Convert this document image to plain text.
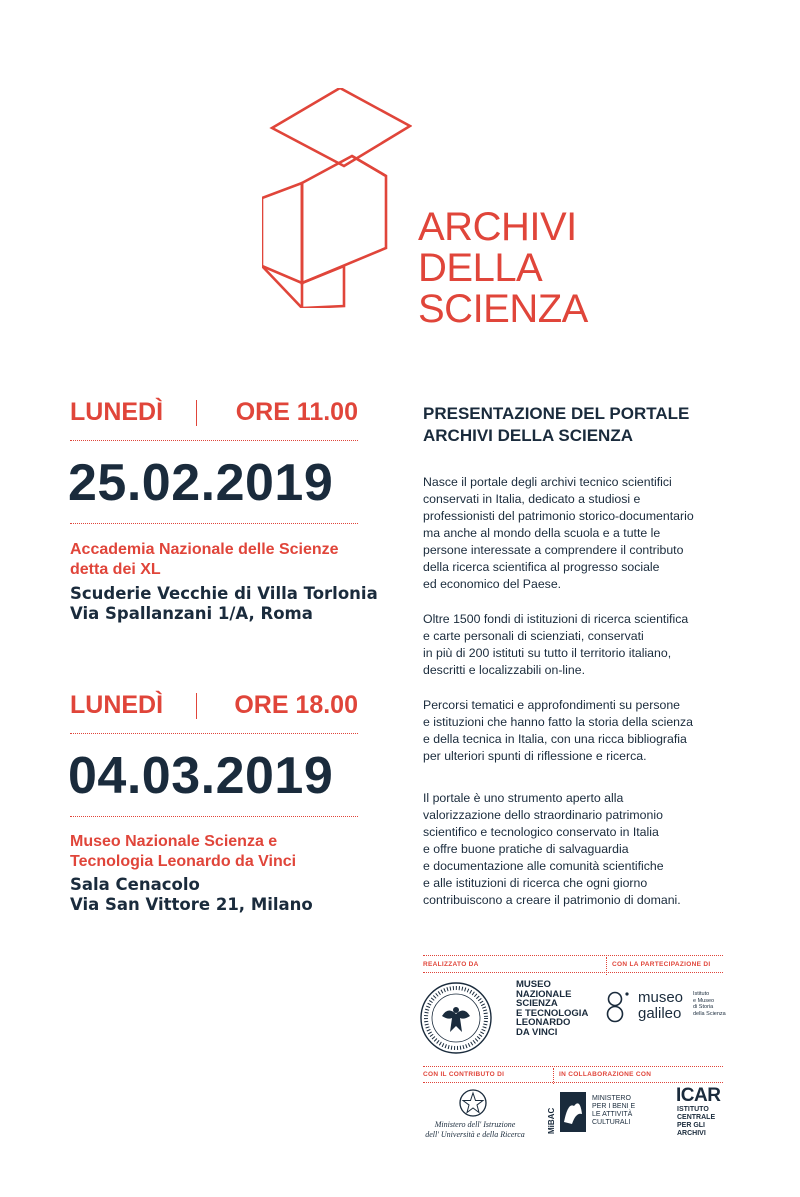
ARCHIVI
DELLA
SCIENZA
LUNEDÌ	ORE 11.00
25.02.2019
Accademia Nazionale delle Scienze
detta dei XL
Scuderie Vecchie di Villa Torlonia
Via Spallanzani 1/A, Roma
LUNEDÌ	ORE 18.00
04.03.2019
Museo Nazionale Scienza e
Tecnologia Leonardo da Vinci
Sala Cenacolo
Via San Vittore 21, Milano
PRESENTAZIONE DEL PORTALE
ARCHIVI DELLA SCIENZA
Nasce il portale degli archivi tecnico scientifici
conservati in Italia, dedicato a studiosi e
professionisti del patrimonio storico-documentario
ma anche al mondo della scuola e a tutte le
persone interessate a comprendere il contributo
della ricerca scientifica al progresso sociale
ed economico del Paese.
Oltre 1500 fondi di istituzioni di ricerca scientifica
e carte personali di scienziati, conservati
in più di 200 istituti su tutto il territorio italiano,
descritti e localizzabili on-line.
Percorsi tematici e approfondimenti su persone
e istituzioni che hanno fatto la storia della scienza
e della tecnica in Italia, con una ricca bibliografia
per ulteriori spunti di riflessione e ricerca.
Il portale è uno strumento aperto alla
valorizzazione dello straordinario patrimonio
scientifico e tecnologico conservato in Italia
e offre buone pratiche di salvaguardia
e documentazione alle comunità scientifiche
e alle istituzioni di ricerca che ogni giorno
contribuiscono a creare il patrimonio di domani.
REALIZZATO DA	CON LA PARTECIPAZIONE DI
MUSEO
NAZIONALE
SCIENZA
E TECNOLOGIA
LEONARDO
DA VINCI
museo
galileo
Istituto
e Museo
di Storia
della Scienza
CON IL CONTRIBUTO DI	IN COLLABORAZIONE CON
Ministero dell' Istruzione
dell' Università e della Ricerca
MiBAC
MINISTERO
PER I BENI E
LE ATTIVITÀ
CULTURALI
ICAR
ISTITUTO
CENTRALE
PER GLI
ARCHIVI
